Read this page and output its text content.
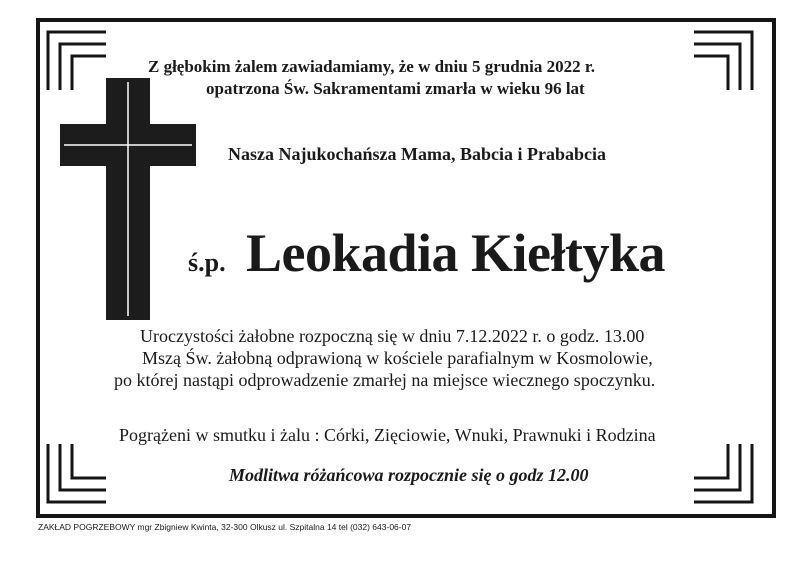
Z głębokim żalem zawiadamiamy, że w dniu 5 grudnia 2022 r.
opatrzona Św. Sakramentami zmarła w wieku 96 lat
Nasza Najukochańsza Mama, Babcia i Prababcia
ś.p. Leokadia Kiełtyka
Uroczystości żałobne rozpoczną się w dniu 7.12.2022 r. o godz. 13.00
Mszą Św. żałobną odprawioną w kościele parafialnym w Kosmolowie,
po której nastąpi odprowadzenie zmarłej na miejsce wiecznego spoczynku.
Pogrążeni w smutku i żalu : Córki, Zięciowie, Wnuki, Prawnuki i Rodzina
Modlitwa różańcowa rozpocznie się o godz 12.00
ZAKŁAD POGRZEBOWY mgr Zbigniew Kwinta, 32-300 Olkusz ul. Szpitalna 14 tel (032) 643-06-07
